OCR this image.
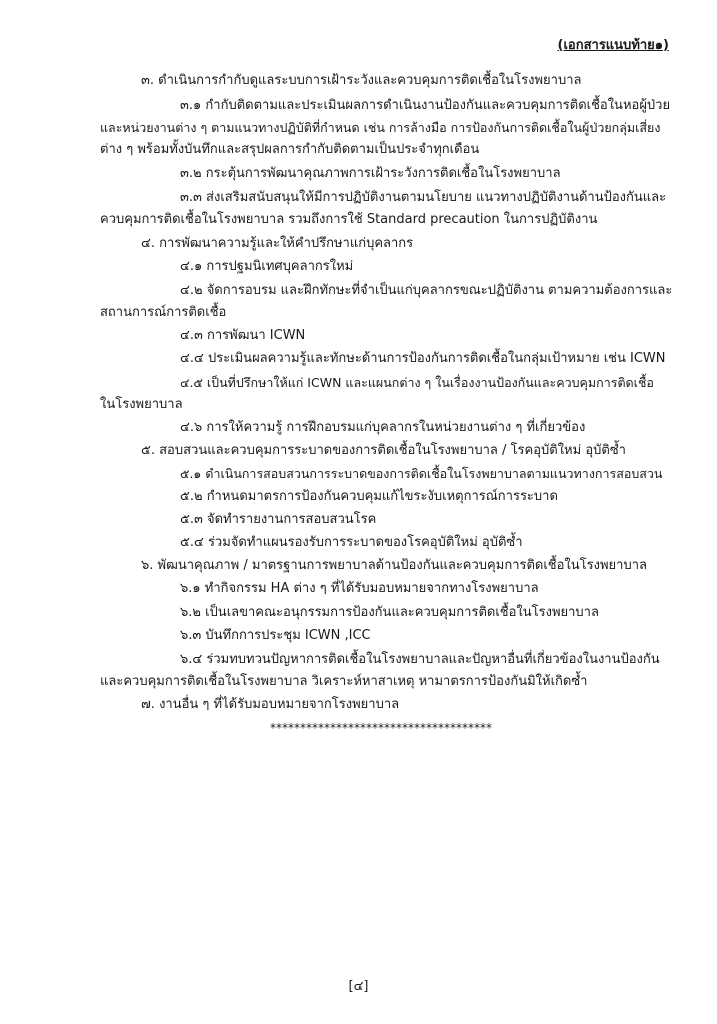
(เอกสารแนบท้าย๑)
๓. ดำเนินการกำกับดูแลระบบการเฝ้าระวังและควบคุมการติดเชื้อในโรงพยาบาล
๓.๑ กำกับติดตามและประเมินผลการดำเนินงานป้องกันและควบคุมการติดเชื้อในหอผู้ป่วย
และหน่วยงานต่าง ๆ ตามแนวทางปฏิบัติที่กำหนด เช่น การล้างมือ การป้องกันการติดเชื้อในผู้ป่วยกลุ่มเสี่ยง
ต่าง ๆ พร้อมทั้งบันทึกและสรุปผลการกำกับติดตามเป็นประจำทุกเดือน
๓.๒ กระตุ้นการพัฒนาคุณภาพการเฝ้าระวังการติดเชื้อในโรงพยาบาล
๓.๓ ส่งเสริมสนับสนุนให้มีการปฏิบัติงานตามนโยบาย แนวทางปฏิบัติงานด้านป้องกันและ
ควบคุมการติดเชื้อในโรงพยาบาล รวมถึงการใช้ Standard precaution ในการปฏิบัติงาน
๔. การพัฒนาความรู้และให้คำปรึกษาแก่บุคลากร
๔.๑ การปฐมนิเทศบุคลากรใหม่
๔.๒ จัดการอบรม และฝึกทักษะที่จำเป็นแก่บุคลากรขณะปฏิบัติงาน ตามความต้องการและ
สถานการณ์การติดเชื้อ
๔.๓ การพัฒนา ICWN
๔.๔ ประเมินผลความรู้และทักษะด้านการป้องกันการติดเชื้อในกลุ่มเป้าหมาย เช่น ICWN
๔.๕ เป็นที่ปรึกษาให้แก่ ICWN และแผนกต่าง ๆ ในเรื่องงานป้องกันและควบคุมการติดเชื้อ
ในโรงพยาบาล
๔.๖ การให้ความรู้ การฝึกอบรมแก่บุคลากรในหน่วยงานต่าง ๆ ที่เกี่ยวข้อง
๕. สอบสวนและควบคุมการระบาดของการติดเชื้อในโรงพยาบาล / โรคอุบัติใหม่ อุบัติซ้ำ
๕.๑ ดำเนินการสอบสวนการระบาดของการติดเชื้อในโรงพยาบาลตามแนวทางการสอบสวน
๕.๒ กำหนดมาตรการป้องกันควบคุมแก้ไขระงับเหตุการณ์การระบาด
๕.๓ จัดทำรายงานการสอบสวนโรค
๕.๔ ร่วมจัดทำแผนรองรับการระบาดของโรคอุบัติใหม่ อุบัติซ้ำ
๖. พัฒนาคุณภาพ / มาตรฐานการพยาบาลด้านป้องกันและควบคุมการติดเชื้อในโรงพยาบาล
๖.๑ ทำกิจกรรม HA ต่าง ๆ ที่ได้รับมอบหมายจากทางโรงพยาบาล
๖.๒ เป็นเลขาคณะอนุกรรมการป้องกันและควบคุมการติดเชื้อในโรงพยาบาล
๖.๓ บันทึกการประชุม ICWN ,ICC
๖.๔ ร่วมทบทวนปัญหาการติดเชื้อในโรงพยาบาลและปัญหาอื่นที่เกี่ยวข้องในงานป้องกัน
และควบคุมการติดเชื้อในโรงพยาบาล วิเคราะห์หาสาเหตุ หามาตรการป้องกันมิให้เกิดซ้ำ
๗. งานอื่น ๆ ที่ได้รับมอบหมายจากโรงพยาบาล
*************************************
[๔]
